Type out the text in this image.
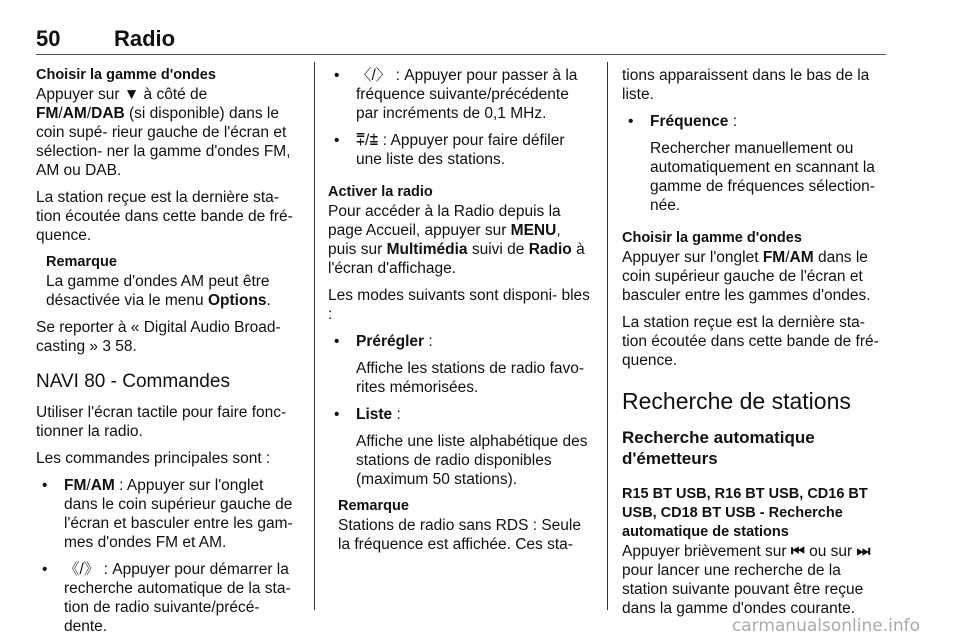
50 Radio

Choisir la gamme d'ondes

Appuyer sur ▼ à côté de FM/AM/DAB (si disponible) dans le coin supé- rieur gauche de l'écran et sélection- ner la gamme d'ondes FM, AM ou DAB.

La station reçue est la dernière sta- tion écoutée dans cette bande de fré- quence.

Remarque
La gamme d'ondes AM peut être désactivée via le menu Options.

Se reporter à « Digital Audio Broad- casting » 3 58.

NAVI 80 - Commandes

Utiliser l'écran tactile pour faire fonc- tionner la radio.

Les commandes principales sont :

• FM/AM : Appuyer sur l'onglet dans le coin supérieur gauche de l'écran et basculer entre les gam- mes d'ondes FM et AM.

• 《/》 : Appuyer pour démarrer la recherche automatique de la sta- tion de radio suivante/précé- dente.

• 〈/〉 : Appuyer pour passer à la fréquence suivante/précédente par incréments de 0,1 MHz.

• ⩱/⩲ : Appuyer pour faire défiler une liste des stations.

Activer la radio

Pour accéder à la Radio depuis la page Accueil, appuyer sur MENU, puis sur Multimédia suivi de Radio à l'écran d'affichage.

Les modes suivants sont disponi- bles :

• Prérégler :

Affiche les stations de radio favo- rites mémorisées.

• Liste :

Affiche une liste alphabétique des stations de radio disponibles (maximum 50 stations).

Remarque
Stations de radio sans RDS : Seule la fréquence est affichée. Ces sta-

tions apparaissent dans le bas de la liste.

• Fréquence :

Rechercher manuellement ou automatiquement en scannant la gamme de fréquences sélection- née.

Choisir la gamme d'ondes

Appuyer sur l'onglet FM/AM dans le coin supérieur gauche de l'écran et basculer entre les gammes d'ondes.

La station reçue est la dernière sta- tion écoutée dans cette bande de fré- quence.

Recherche de stations

Recherche automatique d'émetteurs

R15 BT USB, R16 BT USB, CD16 BT USB, CD18 BT USB - Recherche automatique de stations

Appuyer brièvement sur ⏮ ou sur ⏭ pour lancer une recherche de la station suivante pouvant être reçue dans la gamme d'ondes courante.

carmanualsonline.info
